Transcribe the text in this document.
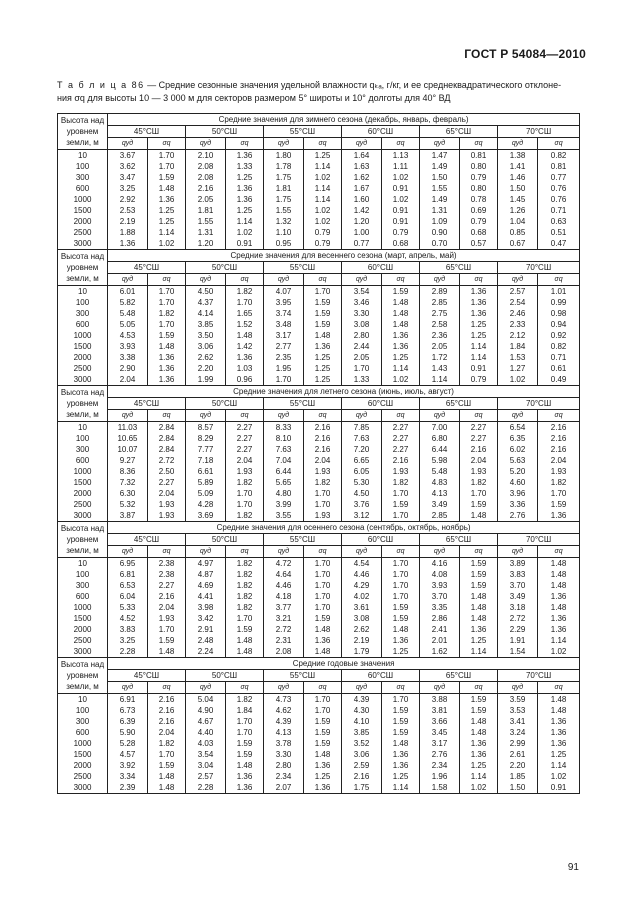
ГОСТ Р 54084—2010
Т а б л и ц а 86 — Средние сезонные значения удельной влажности qₖₐ, г/кг, и ее среднеквадратического отклоне-
ния σq для высоты 10 — 3 000 м для секторов размером 5° широты и 10° долготы для 40° ВД
Высота над уровнем земли, м	Средние значения для зимнего сезона (декабрь, январь, февраль)											
	45°СШ		50°СШ		55°СШ		60°СШ		65°СШ		70°СШ	
	qуд	σq	qуд	σq	qуд	σq	qуд	σq	qуд	σq	qуд	σq
10	3.67	1.70	2.10	1.36	1.80	1.25	1.64	1.13	1.47	0.81	1.38	0.82
100	3.62	1.70	2.08	1.33	1.78	1.14	1.63	1.11	1.49	0.80	1.41	0.81
300	3.47	1.59	2.08	1.25	1.75	1.02	1.62	1.02	1.50	0.79	1.46	0.77
600	3.25	1.48	2.16	1.36	1.81	1.14	1.67	0.91	1.55	0.80	1.50	0.76
1000	2.92	1.36	2.05	1.36	1.75	1.14	1.60	1.02	1.49	0.78	1.45	0.76
1500	2.53	1.25	1.81	1.25	1.55	1.02	1.42	0.91	1.31	0.69	1.26	0.71
2000	2.19	1.25	1.55	1.14	1.32	1.02	1.20	0.91	1.09	0.79	1.04	0.63
2500	1.88	1.14	1.31	1.02	1.10	0.79	1.00	0.79	0.90	0.68	0.85	0.51
3000	1.36	1.02	1.20	0.91	0.95	0.79	0.77	0.68	0.70	0.57	0.67	0.47
Высота над уровнем земли, м	Средние значения для весеннего сезона (март, апрель, май)											
	45°СШ		50°СШ		55°СШ		60°СШ		65°СШ		70°СШ	
	qуд	σq	qуд	σq	qуд	σq	qуд	σq	qуд	σq	qуд	σq
10	6.01	1.70	4.50	1.82	4.07	1.70	3.54	1.59	2.89	1.36	2.57	1.01
100	5.82	1.70	4.37	1.70	3.95	1.59	3.46	1.48	2.85	1.36	2.54	0.99
300	5.48	1.82	4.14	1.65	3.74	1.59	3.30	1.48	2.75	1.36	2.46	0.98
600	5.05	1.70	3.85	1.52	3.48	1.59	3.08	1.48	2.58	1.25	2.33	0.94
1000	4.53	1.59	3.50	1.48	3.17	1.48	2.80	1.36	2.36	1.25	2.12	0.92
1500	3.93	1.48	3.06	1.42	2.77	1.36	2.44	1.36	2.05	1.14	1.84	0.82
2000	3.38	1.36	2.62	1.36	2.35	1.25	2.05	1.25	1.72	1.14	1.53	0.71
2500	2.90	1.36	2.20	1.03	1.95	1.25	1.70	1.14	1.43	0.91	1.27	0.61
3000	2.04	1.36	1.99	0.96	1.70	1.25	1.33	1.02	1.14	0.79	1.02	0.49
Высота над уровнем земли, м	Средние значения для летнего сезона (июнь, июль, август)											
	45°СШ		50°СШ		55°СШ		60°СШ		65°СШ		70°СШ	
	qуд	σq	qуд	σq	qуд	σq	qуд	σq	qуд	σq	qуд	σq
10	11.03	2.84	8.57	2.27	8.33	2.16	7.85	2.27	7.00	2.27	6.54	2.16
100	10.65	2.84	8.29	2.27	8.10	2.16	7.63	2.27	6.80	2.27	6.35	2.16
300	10.07	2.84	7.77	2.27	7.63	2.16	7.20	2.27	6.44	2.16	6.02	2.16
600	9.27	2.72	7.18	2.04	7.04	2.04	6.65	2.16	5.98	2.04	5.63	2.04
1000	8.36	2.50	6.61	1.93	6.44	1.93	6.05	1.93	5.48	1.93	5.20	1.93
1500	7.32	2.27	5.89	1.82	5.65	1.82	5.30	1.82	4.83	1.82	4.60	1.82
2000	6.30	2.04	5.09	1.70	4.80	1.70	4.50	1.70	4.13	1.70	3.96	1.70
2500	5.32	1.93	4.28	1.70	3.99	1.70	3.76	1.59	3.49	1.59	3.36	1.59
3000	3.87	1.93	3.69	1.82	3.55	1.93	3.12	1.70	2.85	1.48	2.76	1.36
Высота над уровнем земли, м	Средние значения для осеннего сезона (сентябрь, октябрь, ноябрь)											
	45°СШ		50°СШ		55°СШ		60°СШ		65°СШ		70°СШ	
	qуд	σq	qуд	σq	qуд	σq	qуд	σq	qуд	σq	qуд	σq
10	6.95	2.38	4.97	1.82	4.72	1.70	4.54	1.70	4.16	1.59	3.89	1.48
100	6.81	2.38	4.87	1.82	4.64	1.70	4.46	1.70	4.08	1.59	3.83	1.48
300	6.53	2.27	4.69	1.82	4.46	1.70	4.29	1.70	3.93	1.59	3.70	1.48
600	6.04	2.16	4.41	1.82	4.18	1.70	4.02	1.70	3.70	1.48	3.49	1.36
1000	5.33	2.04	3.98	1.82	3.77	1.70	3.61	1.59	3.35	1.48	3.18	1.48
1500	4.52	1.93	3.42	1.70	3.21	1.59	3.08	1.59	2.86	1.48	2.72	1.36
2000	3.83	1.70	2.91	1.59	2.72	1.48	2.62	1.48	2.41	1.36	2.29	1.36
2500	3.25	1.59	2.48	1.48	2.31	1.36	2.19	1.36	2.01	1.25	1.91	1.14
3000	2.28	1.48	2.24	1.48	2.08	1.48	1.79	1.25	1.62	1.14	1.54	1.02
Высота над уровнем земли, м	Средние годовые значения											
	45°СШ		50°СШ		55°СШ		60°СШ		65°СШ		70°СШ	
	qуд	σq	qуд	σq	qуд	σq	qуд	σq	qуд	σq	qуд	σq
10	6.91	2.16	5.04	1.82	4.73	1.70	4.39	1.70	3.88	1.59	3.59	1.48
100	6.73	2.16	4.90	1.84	4.62	1.70	4.30	1.59	3.81	1.59	3.53	1.48
300	6.39	2.16	4.67	1.70	4.39	1.59	4.10	1.59	3.66	1.48	3.41	1.36
600	5.90	2.04	4.40	1.70	4.13	1.59	3.85	1.59	3.45	1.48	3.24	1.36
1000	5.28	1.82	4.03	1.59	3.78	1.59	3.52	1.48	3.17	1.36	2.99	1.36
1500	4.57	1.70	3.54	1.59	3.30	1.48	3.06	1.36	2.76	1.36	2.61	1.25
2000	3.92	1.59	3.04	1.48	2.80	1.36	2.59	1.36	2.34	1.25	2.20	1.14
2500	3.34	1.48	2.57	1.36	2.34	1.25	2.16	1.25	1.96	1.14	1.85	1.02
3000	2.39	1.48	2.28	1.36	2.07	1.36	1.75	1.14	1.58	1.02	1.50	0.91
91
